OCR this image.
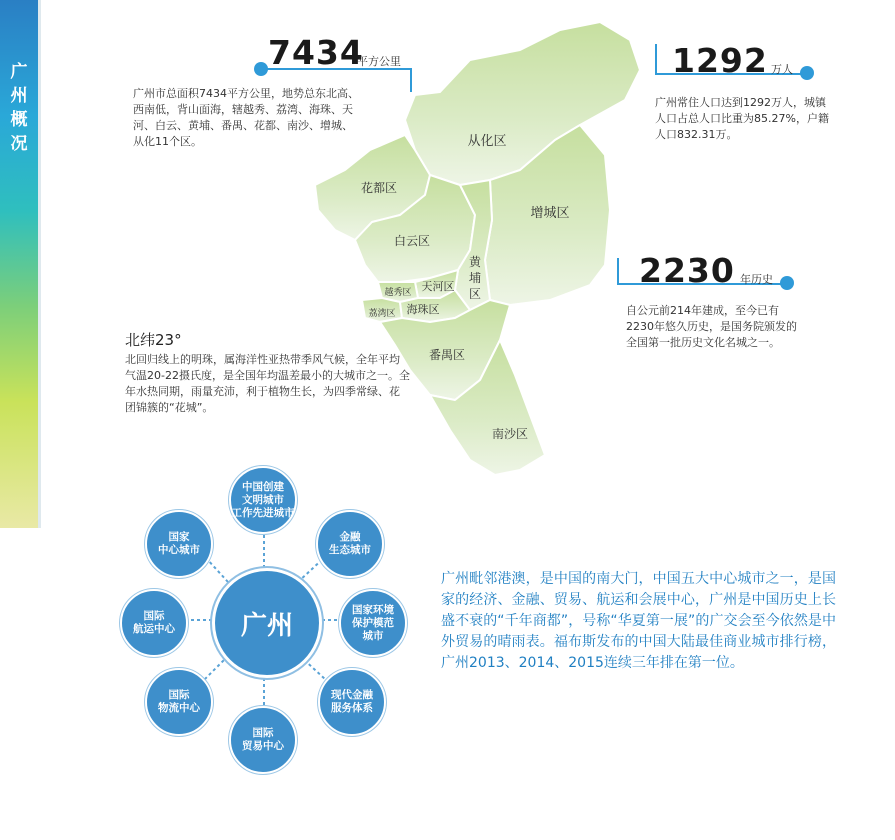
广
州
概
况
Profile of Guangzhou
从化区
花都区
增城区
白云区
黄
埔
区
天河区
越秀区
荔湾区 海珠区
番禺区
南沙区
7434
平方公里
广州市总面积7434平方公里，地势总东北高、西南低，背山面海，辖越秀、荔湾、海珠、天河、白云、黄埔、番禺、花都、南沙、增城、从化11个区。
1292 万人
广州常住人口达到1292万人，城镇人口占总人口比重为85.27%，户籍人口832.31万。
2230 年历史
自公元前214年建成，至今已有2230年悠久历史，是国务院颁发的全国第一批历史文化名城之一。
北纬23°
北回归线上的明珠，属海洋性亚热带季风气候，全年平均气温20-22摄氏度，是全国年均温差最小的大城市之一。全年水热同期，雨量充沛，利于植物生长，为四季常绿、花团锦簇的“花城”。
广州
中国创建
文明城市
工作先进城市
金融
生态城市
国家环境
保护模范
城市
现代金融
服务体系
国际
贸易中心
国际
物流中心
国际
航运中心
国家
中心城市
广州毗邻港澳，是中国的南大门，中国五大中心城市之一，是国家的经济、金融、贸易、航运和会展中心，广州是中国历史上长盛不衰的“千年商都”，号称“华夏第一展”的广交会至今依然是中外贸易的晴雨表。福布斯发布的中国大陆最佳商业城市排行榜，广州2013、2014、2015连续三年排在第一位。
